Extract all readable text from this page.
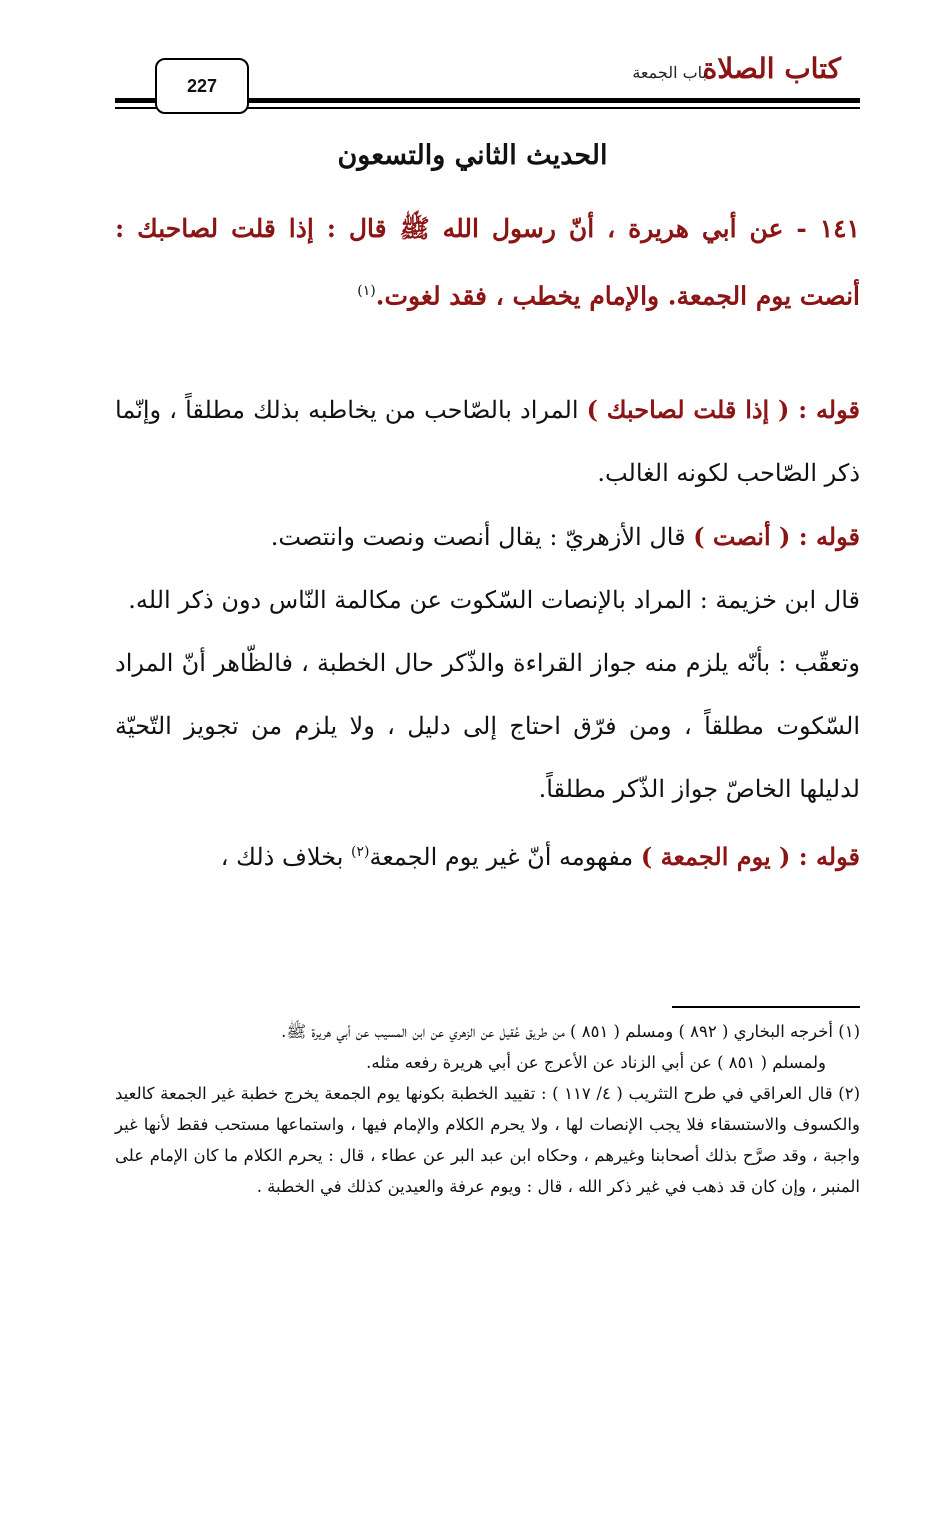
كتاب الصلاة
باب الجمعة
227
الحديث الثاني والتسعون
١٤١ - عن أبي هريرة ، أنّ رسول الله ﷺ قال : إذا قلت لصاحبك : أنصت يوم الجمعة. والإمام يخطب ، فقد لغوت.$^{(١)}$

قوله : ( إذا قلت لصاحبك ) المراد بالصّاحب من يخاطبه بذلك مطلقاً ، وإنّما ذكر الصّاحب لكونه الغالب.

قوله : ( أنصت ) قال الأزهريّ : يقال أنصت ونصت وانتصت.

قال ابن خزيمة : المراد بالإنصات السّكوت عن مكالمة النّاس دون ذكر الله.

وتعقّب : بأنّه يلزم منه جواز القراءة والذّكر حال الخطبة ، فالظّاهر أنّ المراد السّكوت مطلقاً ، ومن فرّق احتاج إلى دليل ، ولا يلزم من تجويز التّحيّة لدليلها الخاصّ جواز الذّكر مطلقاً.

قوله : ( يوم الجمعة ) مفهومه أنّ غير يوم الجمعة$^{(٢)}$ بخلاف ذلك ،

(١) أخرجه البخاري ( ٨٩٢ ) ومسلم ( ٨٥١ ) من طريق عُقيل عن الزهري عن ابن المسيب عن أبي هريرة ﷺ.

ولمسلم ( ٨٥١ ) عن أبي الزناد عن الأعرج عن أبي هريرة رفعه مثله.

(٢) قال العراقي في طرح التثريب ( ٤/ ١١٧ ) : تقييد الخطبة بكونها يوم الجمعة يخرج خطبة غير الجمعة كالعيد والكسوف والاستسقاء فلا يجب الإنصات لها ، ولا يحرم الكلام والإمام فيها ، واستماعها مستحب فقط لأنها غير واجبة ، وقد صرَّح بذلك أصحابنا وغيرهم ، وحكاه ابن عبد البر عن عطاء ، قال : يحرم الكلام ما كان الإمام على المنبر ، وإن كان قد ذهب في غير ذكر الله ، قال : ويوم عرفة والعيدين كذلك في الخطبة .
